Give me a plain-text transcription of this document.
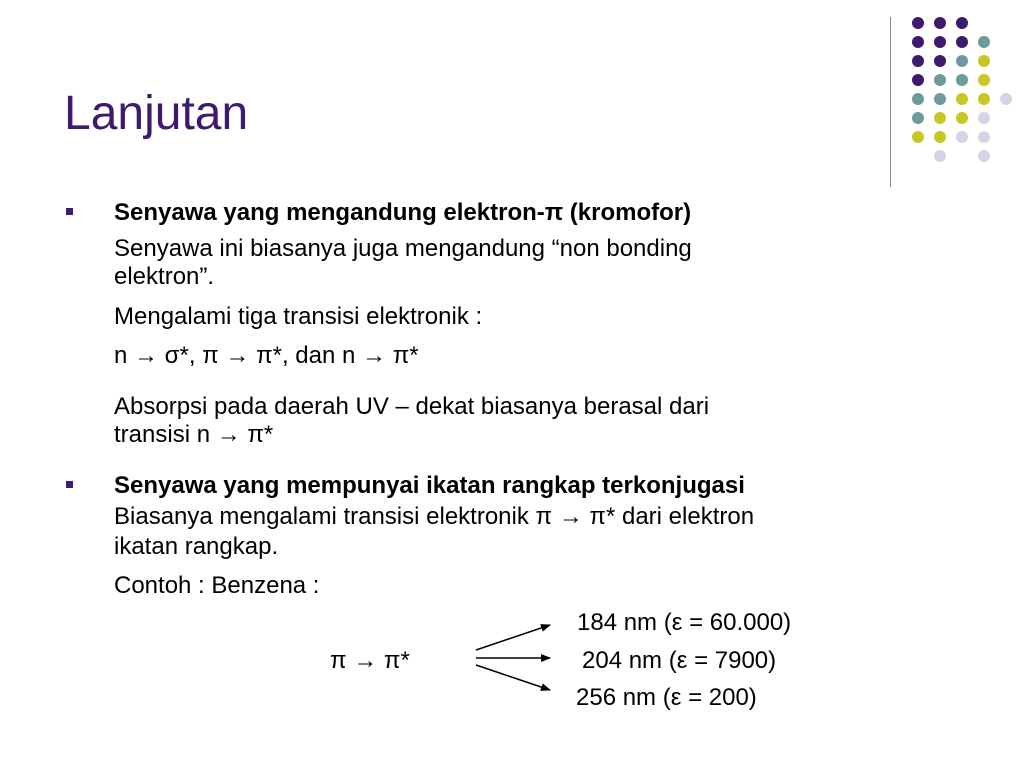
Lanjutan
Senyawa yang mengandung elektron-π (kromofor)
Senyawa ini biasanya juga mengandung “non bonding
elektron”.
Mengalami tiga transisi elektronik :
n → σ*, π → π*, dan n → π*
Absorpsi pada daerah UV – dekat biasanya berasal dari
transisi n → π*
Senyawa yang mempunyai ikatan rangkap terkonjugasi
Biasanya mengalami transisi elektronik π → π* dari elektron
ikatan rangkap.
Contoh : Benzena :
184 nm (ε = 60.000)
π → π*	204 nm (ε = 7900)
256 nm (ε = 200)
